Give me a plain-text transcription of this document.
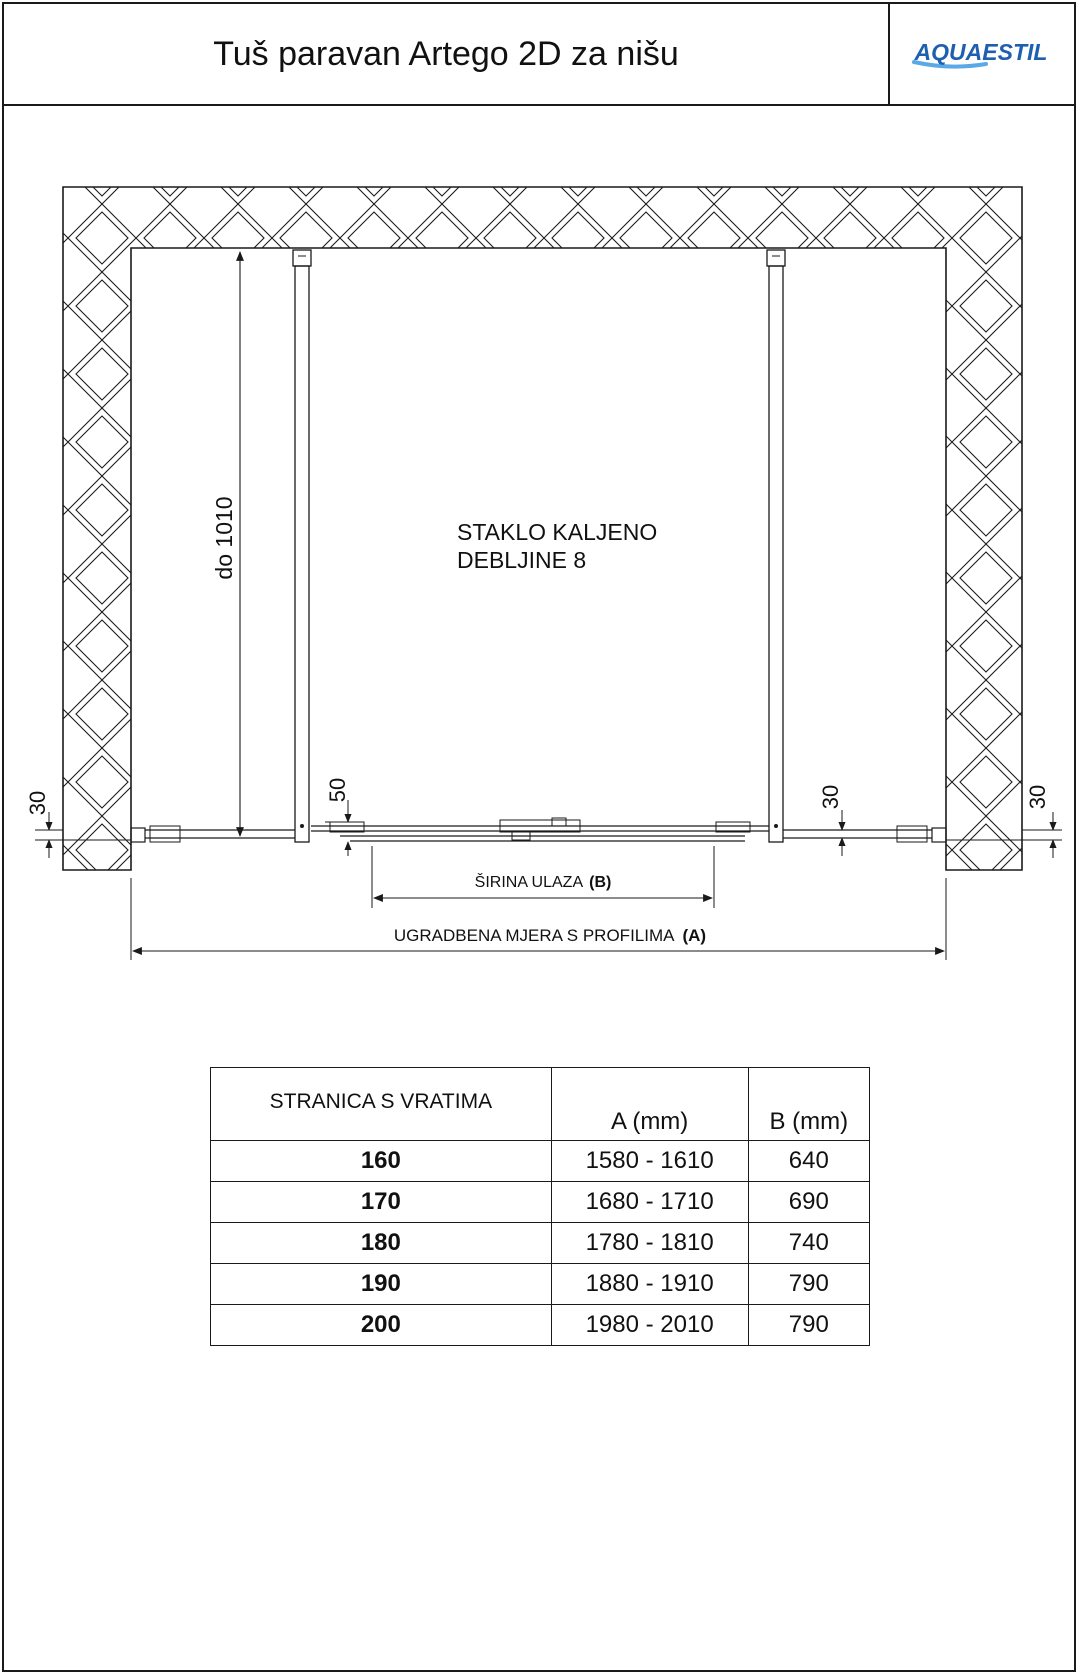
Tuš paravan Artego 2D za nišu	AQUAESTIL
do 1010	STAKLO KALJENO
DEBLJINE 8
30
50	30	30
ŠIRINA ULAZA (B)
UGRADBENA MJERA S PROFILIMA (A)
STRANICA S VRATIMA	A (mm)	B (mm)
160	1580 - 1610	640
170	1680 - 1710	690
180	1780 - 1810	740
190	1880 - 1910	790
200	1980 - 2010	790
